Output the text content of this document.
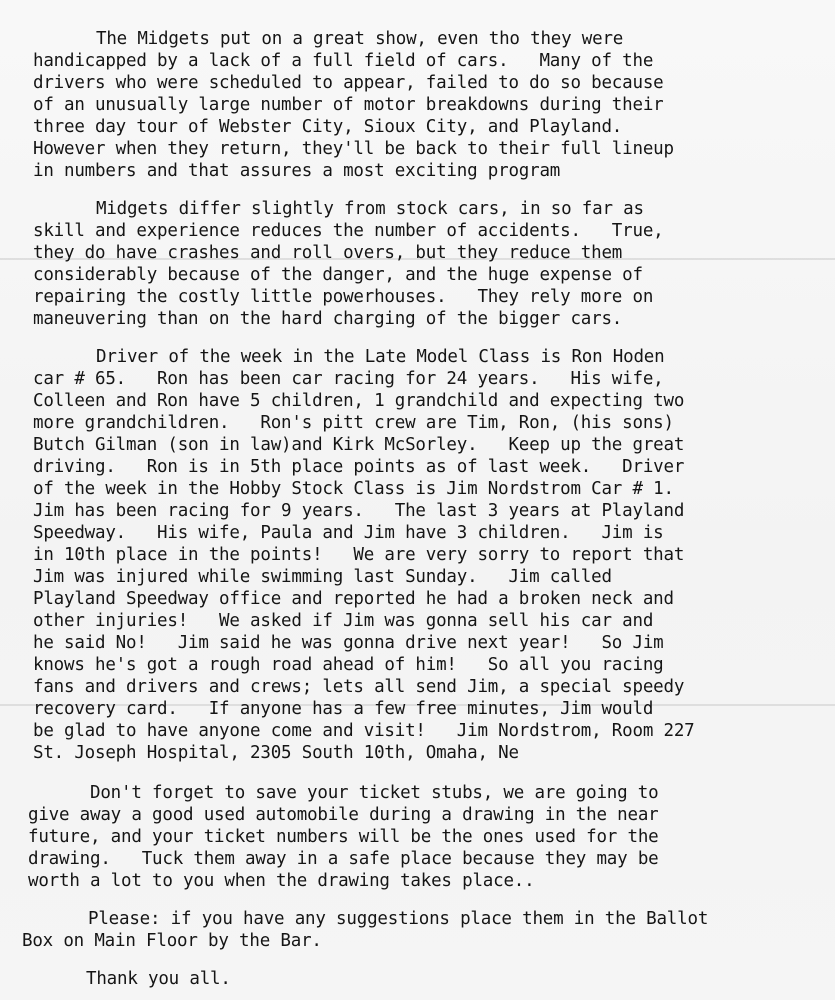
The Midgets put on a great show, even tho they were
handicapped by a lack of a full field of cars.   Many of the
drivers who were scheduled to appear, failed to do so because
of an unusually large number of motor breakdowns during their
three day tour of Webster City, Sioux City, and Playland.
However when they return, they'll be back to their full lineup
in numbers and that assures a most exciting program
Midgets differ slightly from stock cars, in so far as
skill and experience reduces the number of accidents.   True,
they do have crashes and roll overs, but they reduce them
considerably because of the danger, and the huge expense of
repairing the costly little powerhouses.   They rely more on
maneuvering than on the hard charging of the bigger cars.
Driver of the week in the Late Model Class is Ron Hoden
car # 65.   Ron has been car racing for 24 years.   His wife,
Colleen and Ron have 5 children, 1 grandchild and expecting two
more grandchildren.   Ron's pitt crew are Tim, Ron, (his sons)
Butch Gilman (son in law)and Kirk McSorley.   Keep up the great
driving.   Ron is in 5th place points as of last week.   Driver
of the week in the Hobby Stock Class is Jim Nordstrom Car # 1.
Jim has been racing for 9 years.   The last 3 years at Playland
Speedway.   His wife, Paula and Jim have 3 children.   Jim is
in 10th place in the points!   We are very sorry to report that
Jim was injured while swimming last Sunday.   Jim called
Playland Speedway office and reported he had a broken neck and
other injuries!   We asked if Jim was gonna sell his car and
he said No!   Jim said he was gonna drive next year!   So Jim
knows he's got a rough road ahead of him!   So all you racing
fans and drivers and crews; lets all send Jim, a special speedy
recovery card.   If anyone has a few free minutes, Jim would
be glad to have anyone come and visit!   Jim Nordstrom, Room 227
St. Joseph Hospital, 2305 South 10th, Omaha, Ne
Don't forget to save your ticket stubs, we are going to
give away a good used automobile during a drawing in the near
future, and your ticket numbers will be the ones used for the
drawing.   Tuck them away in a safe place because they may be
worth a lot to you when the drawing takes place..
Please: if you have any suggestions place them in the Ballot
Box on Main Floor by the Bar.
Thank you all.
